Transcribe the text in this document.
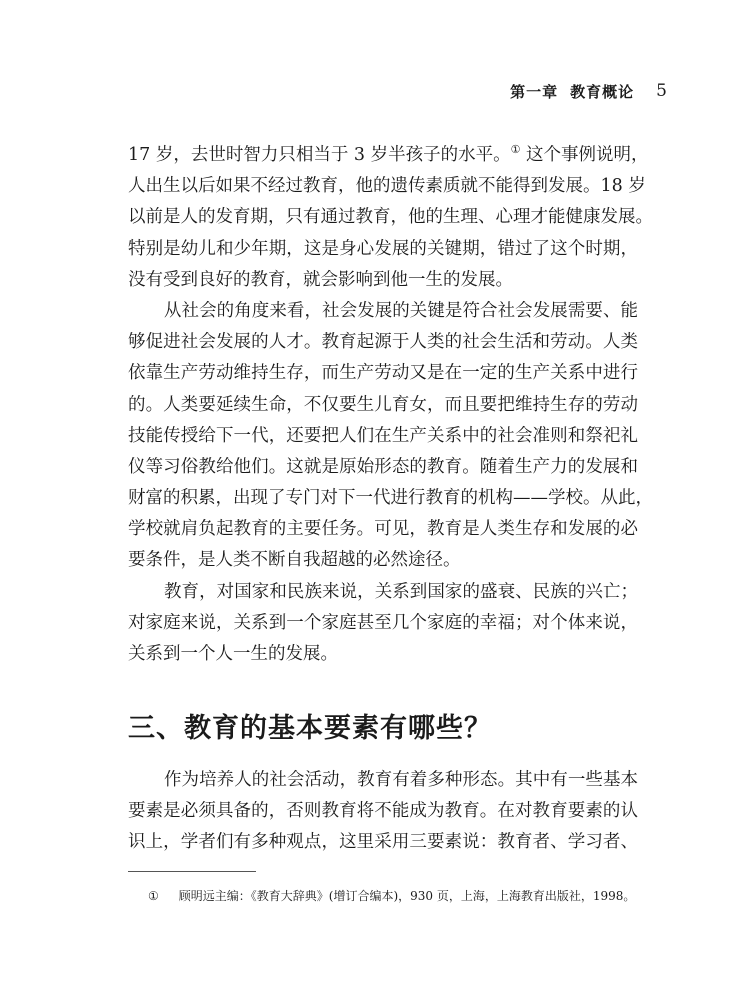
第一章 教育概论 5
17 岁，去世时智力只相当于 3 岁半孩子的水平。① 这个事例说明，
人出生以后如果不经过教育，他的遗传素质就不能得到发展。18 岁
以前是人的发育期，只有通过教育，他的生理、心理才能健康发展。
特别是幼儿和少年期，这是身心发展的关键期，错过了这个时期，
没有受到良好的教育，就会影响到他一生的发展。
从社会的角度来看，社会发展的关键是符合社会发展需要、能
够促进社会发展的人才。教育起源于人类的社会生活和劳动。人类
依靠生产劳动维持生存，而生产劳动又是在一定的生产关系中进行
的。人类要延续生命，不仅要生儿育女，而且要把维持生存的劳动
技能传授给下一代，还要把人们在生产关系中的社会准则和祭祀礼
仪等习俗教给他们。这就是原始形态的教育。随着生产力的发展和
财富的积累，出现了专门对下一代进行教育的机构——学校。从此，
学校就肩负起教育的主要任务。可见，教育是人类生存和发展的必
要条件，是人类不断自我超越的必然途径。
教育，对国家和民族来说，关系到国家的盛衰、民族的兴亡；
对家庭来说，关系到一个家庭甚至几个家庭的幸福；对个体来说，
关系到一个人一生的发展。
三、教育的基本要素有哪些？
作为培养人的社会活动，教育有着多种形态。其中有一些基本
要素是必须具备的，否则教育将不能成为教育。在对教育要素的认
识上，学者们有多种观点，这里采用三要素说：教育者、学习者、
① 顾明远主编：《教育大辞典》(增订合编本)，930 页，上海，上海教育出版社，1998。
